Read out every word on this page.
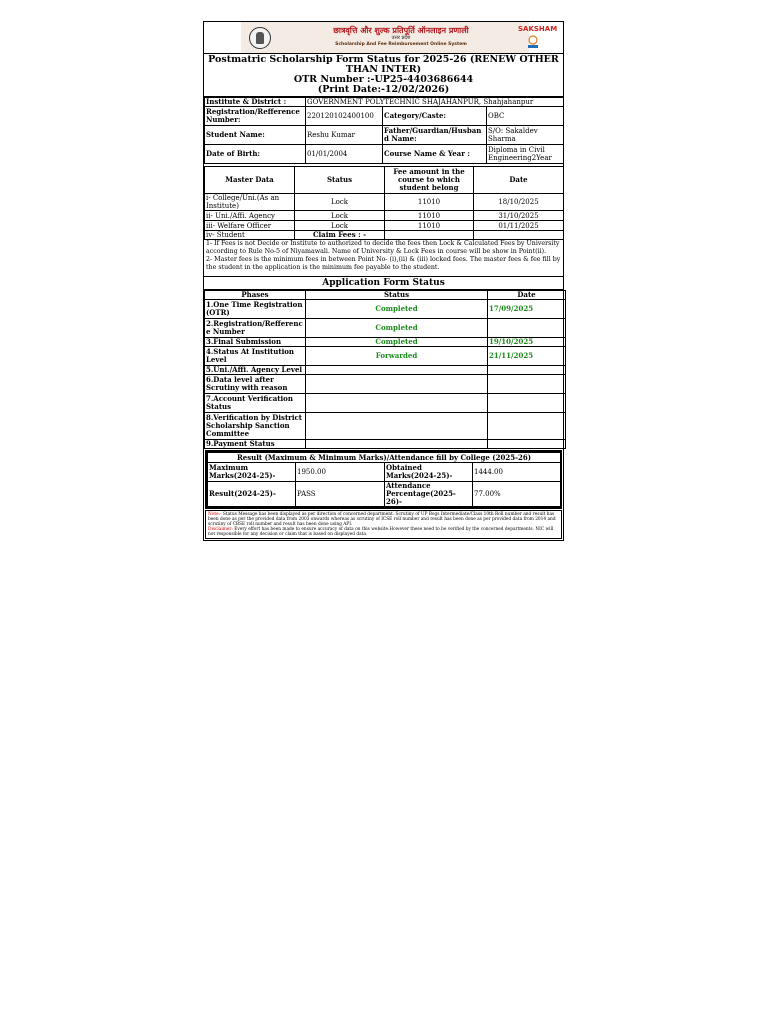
छात्रवृत्ति और शुल्क प्रतिपूर्ति ऑनलाइन प्रणाली
उत्तर प्रदेश
Scholarship And Fee Reimbursement Online System
SAKSHAM
Postmatric Scholarship Form Status for 2025-26 (RENEW OTHER THAN INTER)
OTR Number :-UP25-4403686644
(Print Date:-12/02/2026)
Institute & District :	GOVERNMENT POLYTECHNIC SHAJAHANPUR, Shahjahanpur		
Registration/Refference Number:	220120102400100	Category/Caste:	OBC
Student Name:	Reshu Kumar	Father/Guardian/Husband Name:	S/O: Sakaldev Sharma
Date of Birth:	01/01/2004	Course Name & Year :	Diploma in Civil Engineering2Year
Master Data	Status	Fee amount in the course to which student belong	Date
i- College/Uni.(As an Institute)	Lock	11010	18/10/2025
ii- Uni./Affi. Agency	Lock	11010	31/10/2025
iii- Welfare Officer	Lock	11010	01/11/2025
iv- Student	Claim Fees : -		
1- If Fees is not Decide or Institute to authorized to decide the fees then Lock & Calculated Fees by University according to Rule No-5 of Niyamawali. Name of University & Lock Fees in course will be show in Point(ii).
2- Master fees is the minimum fees in between Point No- (i),(ii) & (iii) locked fees. The master fees & fee fill by the student in the application is the minimum fee payable to the student.
Application Form Status
Phases	Status	Date
1.One Time Registration (OTR)	Completed	17/09/2025
2.Registration/Refference Number	Completed	
3.Final Submission	Completed	19/10/2025
4.Status At Institution Level	Forwarded	21/11/2025
5.Uni./Affi. Agency Level		
6.Data level after Scrutiny with reason		
7.Account Verification Status		
8.Verification by District Scholarship Sanction Committee		
9.Payment Status		
Result (Maximum & Minimum Marks)/Attendance fill by College (2025-26)			
Maximum Marks(2024-25)-	1950.00	Obtained Marks(2024-25)-	1444.00
Result(2024-25)-	PASS	Attendance Percentage(2025-26)-	77.00%
Note:- Status Message has been displayed as per direction of concerned department. Scrutiny of UP Bogs Intermediate/Class 10th Roll number and result has been done as per the provided data from 2003 onwards whereas as scrutiny of ICSE roll number and result has been done as per provided data from 2014 and scrutiny of CBSE roll number and result has been done using API.
Disclaimer: Every effort has been made to ensure accuracy of data on this website.However these need to be verified by the concerned departments. NIC will not responsible for any decision or claim that is based on displayed data.
